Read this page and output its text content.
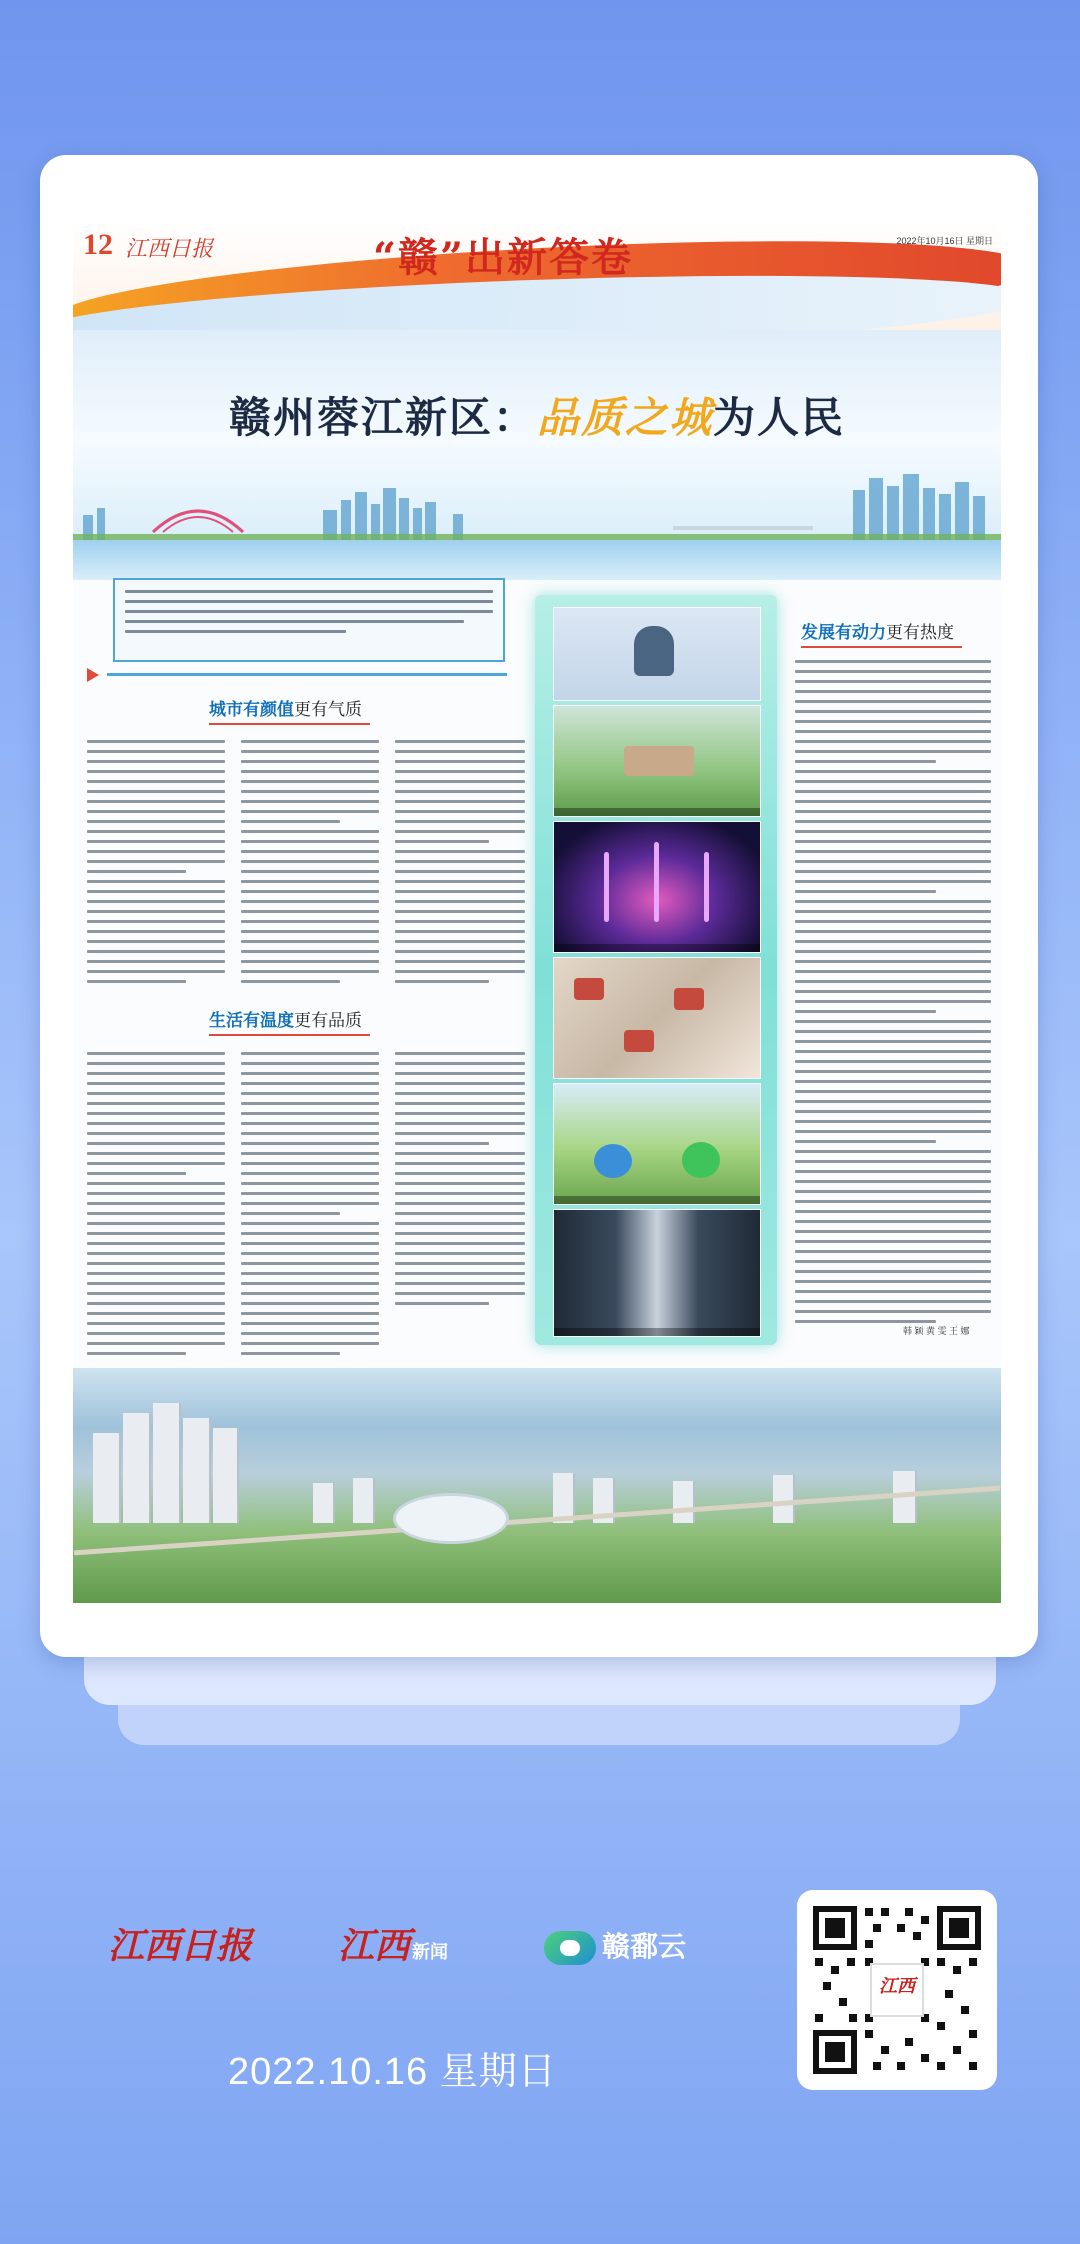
12 江西日报	“赣”出新答卷	2022年10月16日 星期日
赣州蓉江新区：品质之城为人民
城市有颜值更有气质
生活有温度更有品质
发展有动力更有热度
韩 颖 黄 雯 王 娜
江西日报 江西 新闻	赣鄱云
2022.10.16 星期日
江西
